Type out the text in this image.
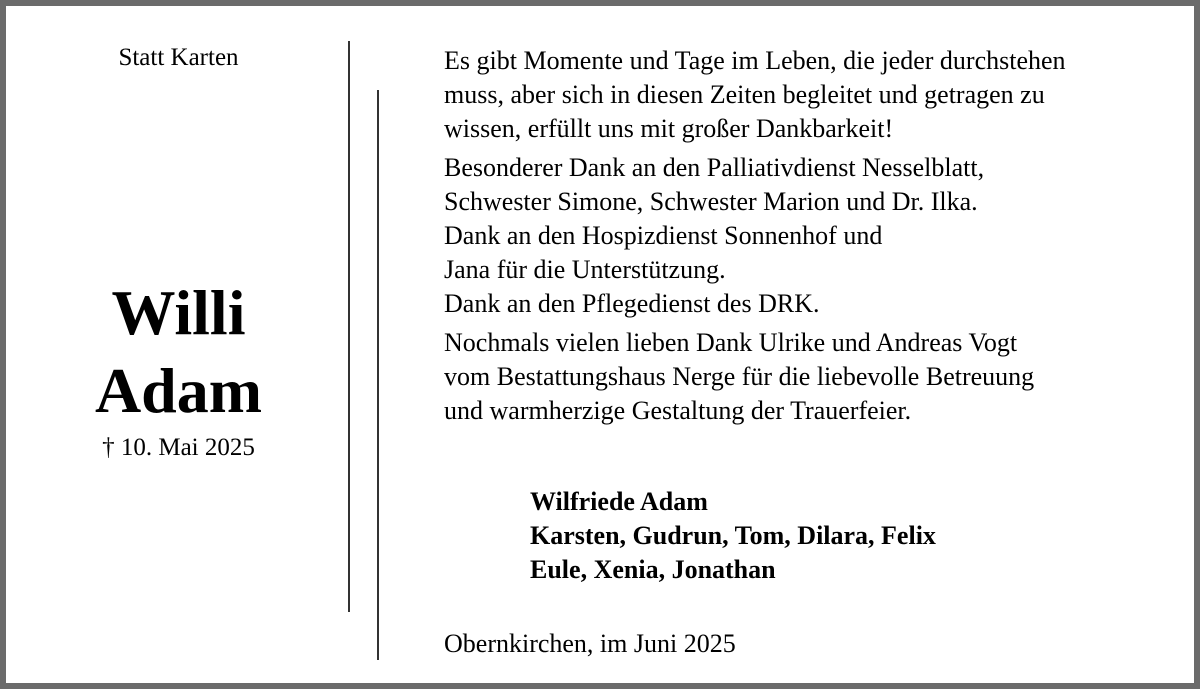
Statt Karten
Willi
Adam
† 10. Mai 2025

Es gibt Momente und Tage im Leben, die jeder durchstehen

muss, aber sich in diesen Zeiten begleitet und getragen zu

wissen, erfüllt uns mit großer Dankbarkeit!

Besonderer Dank an den Palliativdienst Nesselblatt,

Schwester Simone, Schwester Marion und Dr. Ilka.

Dank an den Hospizdienst Sonnenhof und

Jana für die Unterstützung.

Dank an den Pflegedienst des DRK.

Nochmals vielen lieben Dank Ulrike und Andreas Vogt

vom Bestattungshaus Nerge für die liebevolle Betreuung

und warmherzige Gestaltung der Trauerfeier.

Wilfriede Adam
Karsten, Gudrun, Tom, Dilara, Felix
Eule, Xenia, Jonathan
Obernkirchen, im Juni 2025
